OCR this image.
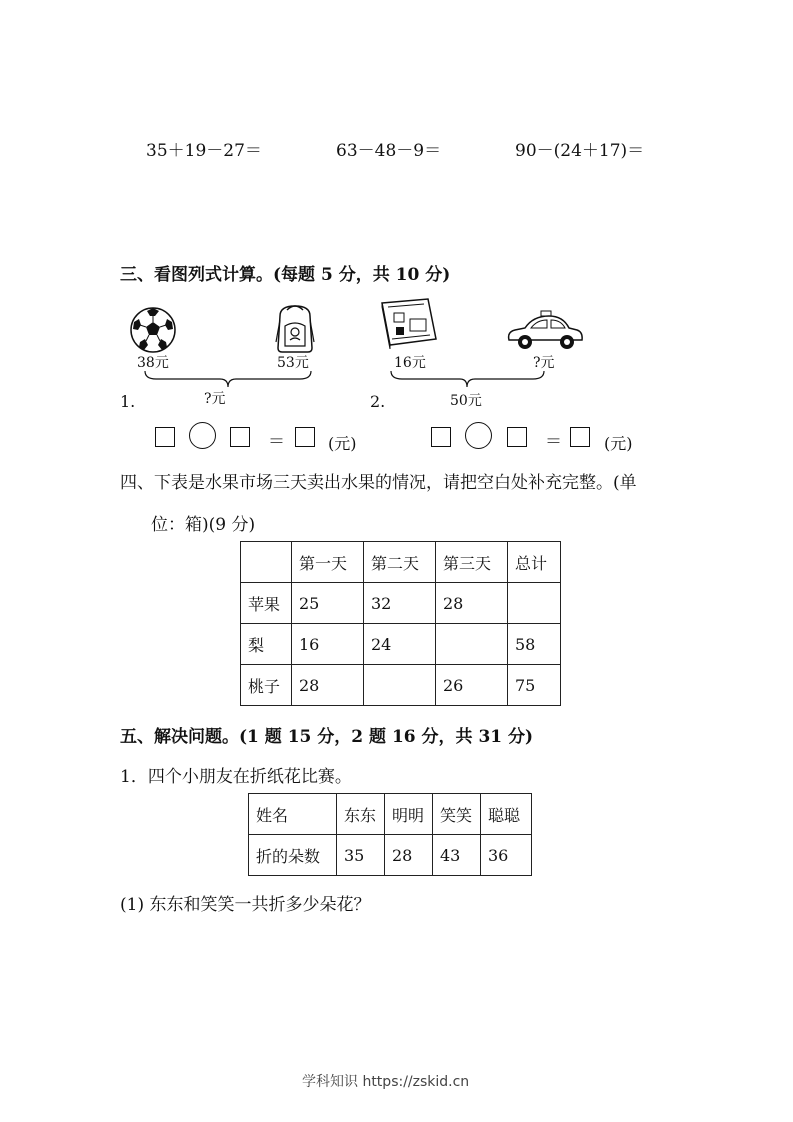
35＋19－27＝	63－48－9＝	90－(24＋17)＝
三、看图列式计算。(每题 5 分，共 10 分)
38元	53元
?元
1.
＝	(元)
16元	?元
50元
2.
＝	(元)
四、下表是水果市场三天卖出水果的情况，请把空白处补充完整。(单
位：箱)(9 分)
	第一天	第二天	第三天	总计
苹果	25	32	28	
梨	16	24		58
桃子	28		26	75
五、解决问题。(1 题 15 分，2 题 16 分，共 31 分)
1．四个小朋友在折纸花比赛。
姓名	东东	明明	笑笑	聪聪
折的朵数	35	28	43	36
(1) 东东和笑笑一共折多少朵花？
学科知识 https://zskid.cn
